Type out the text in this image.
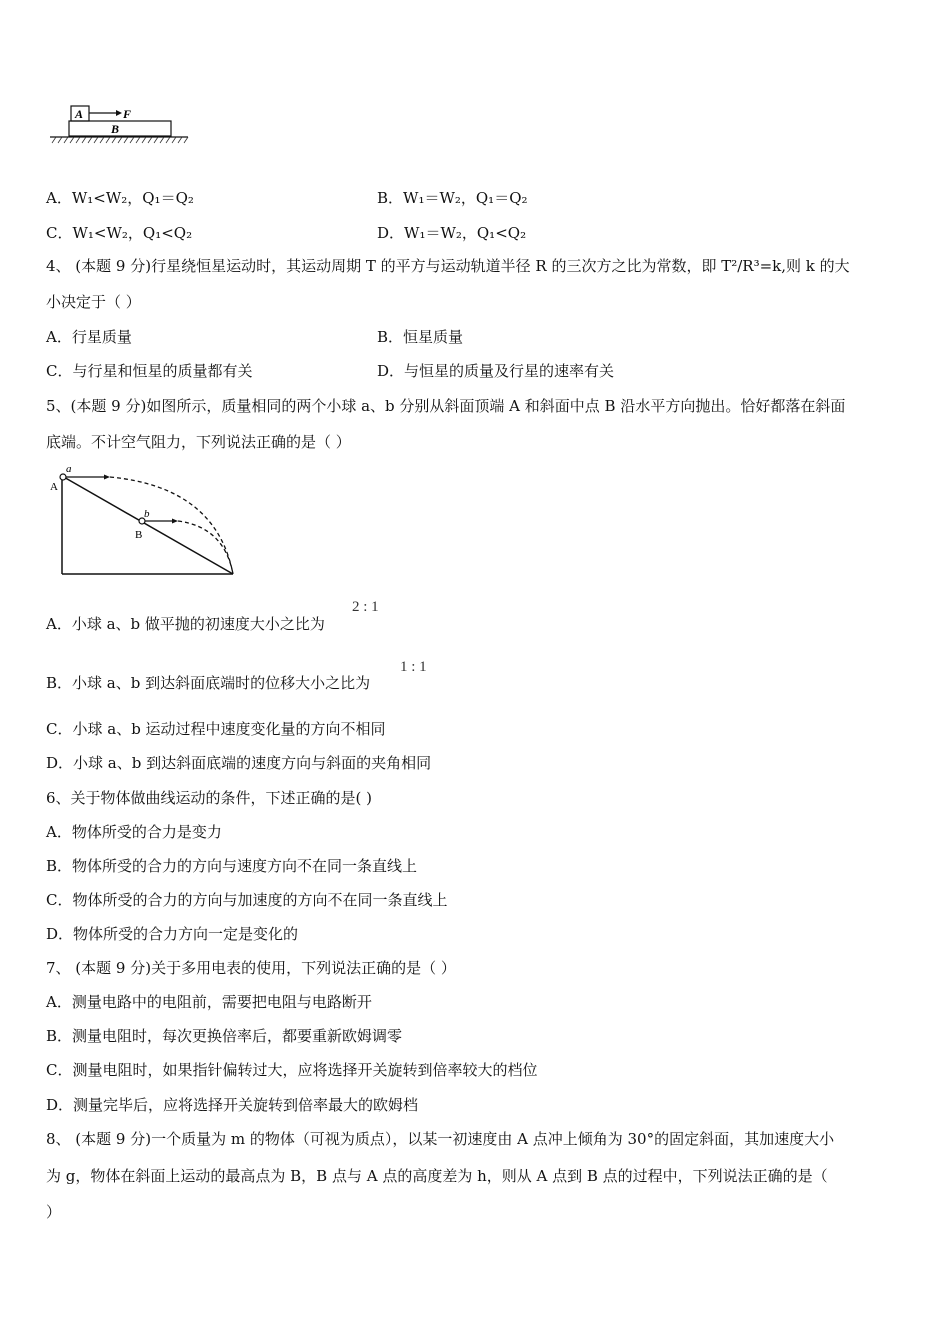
A	F
B
A．W₁<W₂，Q₁＝Q₂	B．W₁＝W₂，Q₁＝Q₂
C．W₁<W₂，Q₁<Q₂	D．W₁＝W₂，Q₁<Q₂
4、 (本题 9 分)行星绕恒星运动时，其运动周期 T 的平方与运动轨道半径 R 的三次方之比为常数，即 T²/R³=k,则 k 的大
小决定于（ ）
A．行星质量	B．恒星质量
C．与行星和恒星的质量都有关	D．与恒星的质量及行星的速率有关
5、(本题 9 分)如图所示，质量相同的两个小球 a、b 分别从斜面顶端 A 和斜面中点 B 沿水平方向抛出。恰好都落在斜面
底端。不计空气阻力，下列说法正确的是（ ）
a
A
b
B
A．小球 a、b 做平抛的初速度大小之比为
2 : 1
B．小球 a、b 到达斜面底端时的位移大小之比为
1 : 1
C．小球 a、b 运动过程中速度变化量的方向不相同
D．小球 a、b 到达斜面底端的速度方向与斜面的夹角相同
6、关于物体做曲线运动的条件，下述正确的是( )
A．物体所受的合力是变力
B．物体所受的合力的方向与速度方向不在同一条直线上
C．物体所受的合力的方向与加速度的方向不在同一条直线上
D．物体所受的合力方向一定是变化的
7、 (本题 9 分)关于多用电表的使用，下列说法正确的是（ ）
A．测量电路中的电阻前，需要把电阻与电路断开
B．测量电阻时，每次更换倍率后，都要重新欧姆调零
C．测量电阻时，如果指针偏转过大，应将选择开关旋转到倍率较大的档位
D．测量完毕后，应将选择开关旋转到倍率最大的欧姆档
8、 (本题 9 分)一个质量为 m 的物体（可视为质点），以某一初速度由 A 点冲上倾角为 30°的固定斜面，其加速度大小
为 g，物体在斜面上运动的最高点为 B，B 点与 A 点的高度差为 h，则从 A 点到 B 点的过程中，下列说法正确的是（
）
